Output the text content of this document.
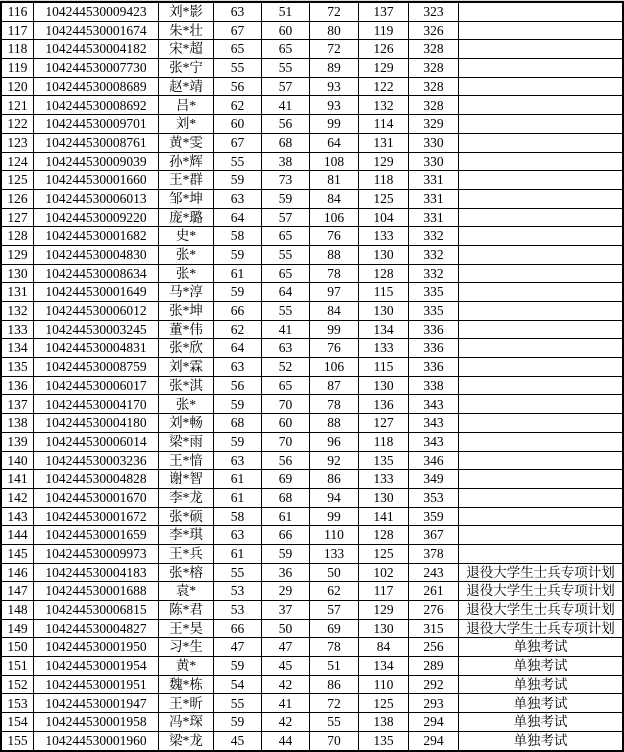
116	104244530009423	刘*影	63	51	72	137	323	
117	104244530001674	朱*壮	67	60	80	119	326	
118	104244530004182	宋*超	65	65	72	126	328	
119	104244530007730	张*宁	55	55	89	129	328	
120	104244530008689	赵*靖	56	57	93	122	328	
121	104244530008692	吕*	62	41	93	132	328	
122	104244530009701	刘*	60	56	99	114	329	
123	104244530008761	黄*雯	67	68	64	131	330	
124	104244530009039	孙*辉	55	38	108	129	330	
125	104244530001660	王*群	59	73	81	118	331	
126	104244530006013	邹*坤	63	59	84	125	331	
127	104244530009220	庞*璐	64	57	106	104	331	
128	104244530001682	史*	58	65	76	133	332	
129	104244530004830	张*	59	55	88	130	332	
130	104244530008634	张*	61	65	78	128	332	
131	104244530001649	马*淳	59	64	97	115	335	
132	104244530006012	张*坤	66	55	84	130	335	
133	104244530003245	董*伟	62	41	99	134	336	
134	104244530004831	张*欣	64	63	76	133	336	
135	104244530008759	刘*霖	63	52	106	115	336	
136	104244530006017	张*淇	56	65	87	130	338	
137	104244530004170	张*	59	70	78	136	343	
138	104244530004180	刘*畅	68	60	88	127	343	
139	104244530006014	梁*雨	59	70	96	118	343	
140	104244530003236	王*愔	63	56	92	135	346	
141	104244530004828	谢*智	61	69	86	133	349	
142	104244530001670	李*龙	61	68	94	130	353	
143	104244530001672	张*硕	58	61	99	141	359	
144	104244530001659	李*琪	63	66	110	128	367	
145	104244530009973	王*兵	61	59	133	125	378	
146	104244530004183	张*榕	55	36	50	102	243	退役大学生士兵专项计划
147	104244530001688	袁*	53	29	62	117	261	退役大学生士兵专项计划
148	104244530006815	陈*君	53	37	57	129	276	退役大学生士兵专项计划
149	104244530004827	王*昊	66	50	69	130	315	退役大学生士兵专项计划
150	104244530001950	习*生	47	47	78	84	256	单独考试
151	104244530001954	黄*	59	45	51	134	289	单独考试
152	104244530001951	魏*栋	54	42	86	110	292	单独考试
153	104244530001947	王*昕	55	41	72	125	293	单独考试
154	104244530001958	冯*琛	59	42	55	138	294	单独考试
155	104244530001960	梁*龙	45	44	70	135	294	单独考试
